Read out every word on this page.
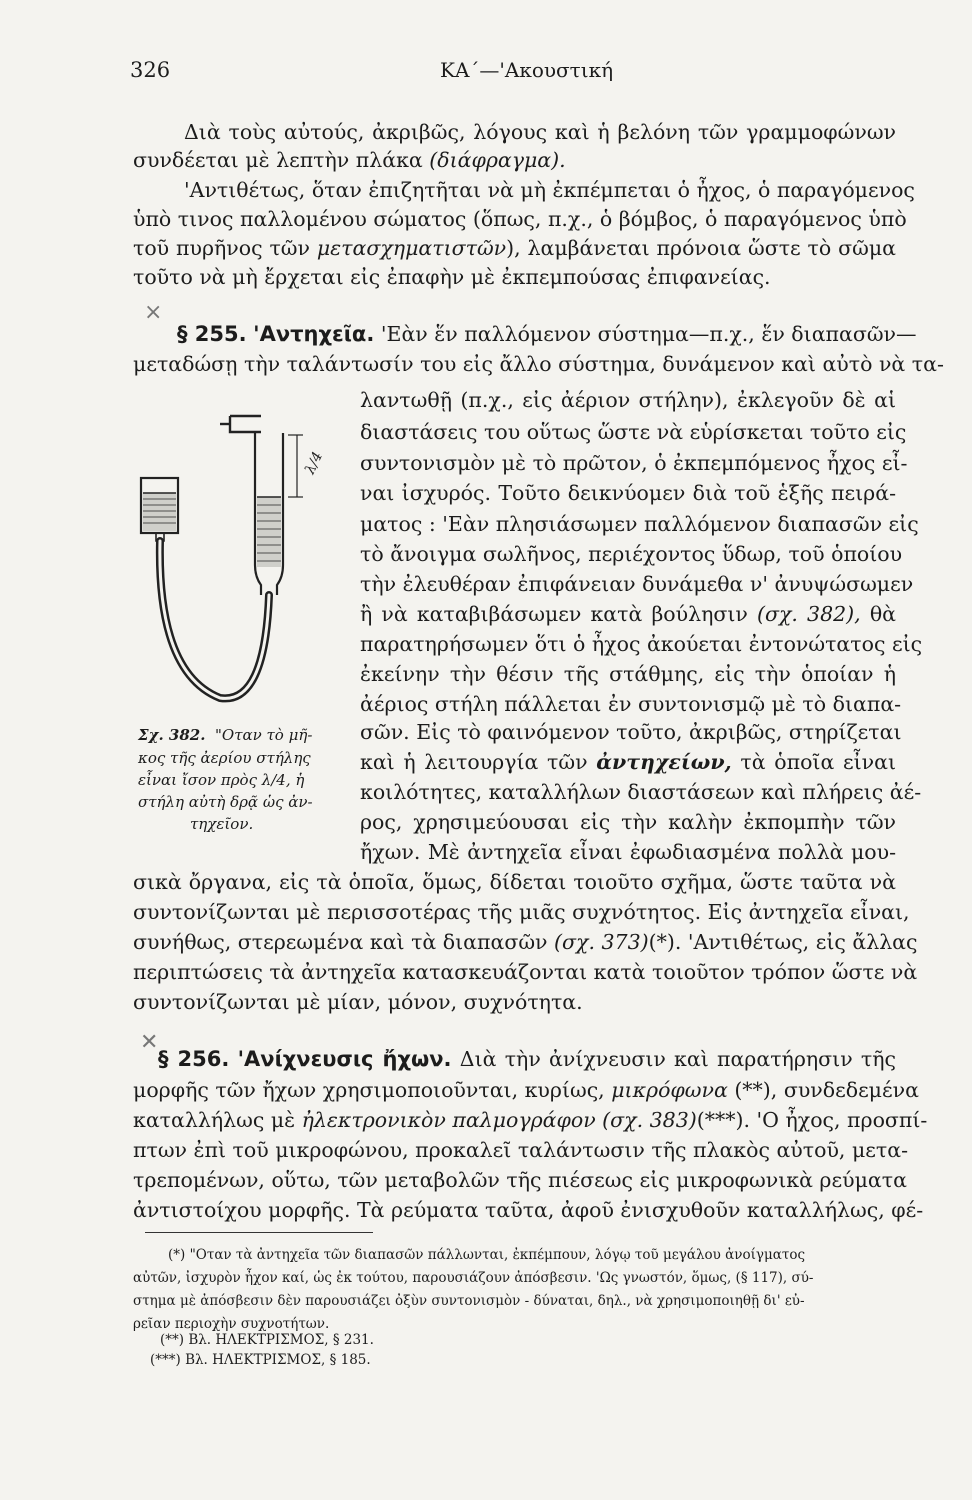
326	ΚΑ΄—'Ακουστική
Διὰ τοὺς αὐτούς, ἀκριβῶς, λόγους καὶ ἡ βελόνη τῶν γραμμοφώνων
συνδέεται μὲ λεπτὴν πλάκα (διάφραγμα).
'Αντιθέτως, ὅταν ἐπιζητῆται νὰ μὴ ἐκπέμπεται ὁ ἦχος, ὁ παραγόμενος
ὑπὸ τινος παλλομένου σώματος (ὅπως, π.χ., ὁ βόμβος, ὁ παραγόμενος ὑπὸ
τοῦ πυρῆνος τῶν μετασχηματιστῶν), λαμβάνεται πρόνοια ὥστε τὸ σῶμα
τοῦτο νὰ μὴ ἔρχεται εἰς ἐπαφὴν μὲ ἐκπεμπούσας ἐπιφανείας.
×
§ 255. 'Αντηχεῖα. 'Εὰν ἕν παλλόμενον σύστημα—π.χ., ἕν διαπασῶν—
μεταδώσῃ τὴν ταλάντωσίν του εἰς ἄλλο σύστημα, δυνάμενον καὶ αὐτὸ νὰ τα-
λαντωθῇ (π.χ., εἰς ἀέριον στήλην), ἐκλεγοῦν δὲ αἱ
διαστάσεις του οὕτως ὥστε νὰ εὑρίσκεται τοῦτο εἰς
συντονισμὸν μὲ τὸ πρῶτον, ὁ ἐκπεμπόμενος ἦχος εἶ-
ναι ἰσχυρός. Τοῦτο δεικνύομεν διὰ τοῦ ἑξῆς πειρά-
ματος : 'Εὰν πλησιάσωμεν παλλόμενον διαπασῶν εἰς
τὸ ἄνοιγμα σωλῆνος, περιέχοντος ὕδωρ, τοῦ ὁποίου
τὴν ἐλευθέραν ἐπιφάνειαν δυνάμεθα ν' ἀνυψώσωμεν
ἢ νὰ καταβιβάσωμεν κατὰ βούλησιν (σχ. 382), θὰ
παρατηρήσωμεν ὅτι ὁ ἦχος ἀκούεται ἐντονώτατος εἰς
ἐκείνην τὴν θέσιν τῆς στάθμης, εἰς τὴν ὁποίαν ἡ
ἀέριος στήλη πάλλεται ἐν συντονισμῷ μὲ τὸ διαπα-
σῶν. Εἰς τὸ φαινόμενον τοῦτο, ἀκριβῶς, στηρίζεται
καὶ ἡ λειτουργία τῶν ἀντηχείων, τὰ ὁποῖα εἶναι
κοιλότητες, καταλλήλων διαστάσεων καὶ πλήρεις ἀέ-
ρος, χρησιμεύουσαι εἰς τὴν καλὴν ἐκπομπὴν τῶν
ἤχων. Μὲ ἀντηχεῖα εἶναι ἐφωδιασμένα πολλὰ μου-
σικὰ ὄργανα, εἰς τὰ ὁποῖα, ὅμως, δίδεται τοιοῦτο σχῆμα, ὥστε ταῦτα νὰ
συντονίζωνται μὲ περισσοτέρας τῆς μιᾶς συχνότητος. Εἰς ἀντηχεῖα εἶναι,
συνήθως, στερεωμένα καὶ τὰ διαπασῶν (σχ. 373)(*). 'Αντιθέτως, εἰς ἄλλας
περιπτώσεις τὰ ἀντηχεῖα κατασκευάζονται κατὰ τοιοῦτον τρόπον ὥστε νὰ
συντονίζωνται μὲ μίαν, μόνον, συχνότητα.
✕
§ 256. 'Ανίχνευσις ἤχων. Διὰ τὴν ἀνίχνευσιν καὶ παρατήρησιν τῆς
μορφῆς τῶν ἤχων χρησιμοποιοῦνται, κυρίως, μικρόφωνα (**), συνδεδεμένα
καταλλήλως μὲ ἠλεκτρονικὸν παλμογράφον (σχ. 383)(***). 'Ο ἦχος, προσπί-
πτων ἐπὶ τοῦ μικροφώνου, προκαλεῖ ταλάντωσιν τῆς πλακὸς αὐτοῦ, μετα-
τρεπομένων, οὕτω, τῶν μεταβολῶν τῆς πιέσεως εἰς μικροφωνικὰ ρεύματα
ἀντιστοίχου μορφῆς. Τὰ ρεύματα ταῦτα, ἀφοῦ ἐνισχυθοῦν καταλλήλως, φέ-
λ/4
Σχ. 382. "Οταν τὸ μῆ-
κος τῆς ἀερίου στήλης
εἶναι ἴσον πρὸς λ/4, ἡ
στήλη αὐτὴ δρᾷ ὡς ἀν-
τηχεῖον.
(*) "Οταν τὰ ἀντηχεῖα τῶν διαπασῶν πάλλωνται, ἐκπέμπουν, λόγῳ τοῦ μεγάλου ἀνοίγματος
αὐτῶν, ἰσχυρὸν ἦχον καί, ὡς ἐκ τούτου, παρουσιάζουν ἀπόσβεσιν. 'Ως γνωστόν, ὅμως, (§ 117), σύ-
στημα μὲ ἀπόσβεσιν δὲν παρουσιάζει ὀξὺν συντονισμὸν - δύναται, δηλ., νὰ χρησιμοποιηθῇ δι' εὐ-
ρεῖαν περιοχὴν συχνοτήτων.
(**) Βλ. ΗΛΕΚΤΡΙΣΜΟΣ, § 231.
(***) Βλ. ΗΛΕΚΤΡΙΣΜΟΣ, § 185.
